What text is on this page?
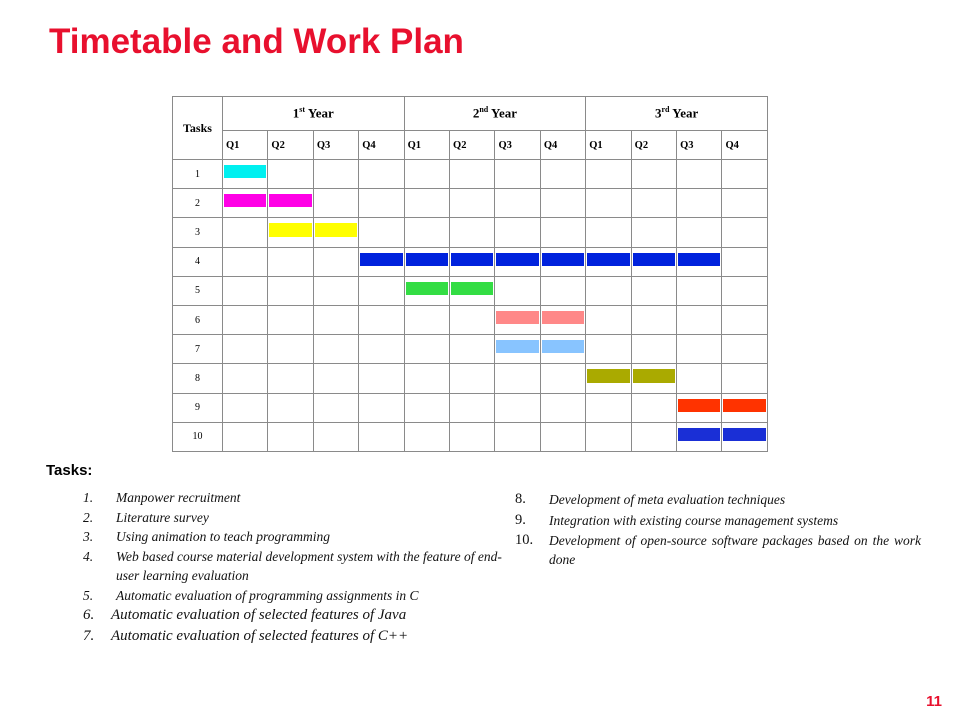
Timetable and Work Plan
Tasks	1st Year				2nd Year				3rd Year			
	Q1	Q2	Q3	Q4	Q1	Q2	Q3	Q4	Q1	Q2	Q3	Q4
1	

2	

3		

4				

5					

6							

7							

8									

9											

10											

Tasks:
1. Manpower recruitment
2. Literature survey
3. Using animation to teach programming
4. Web based course material development system with the feature of end-user learning evaluation
5. Automatic evaluation of programming assignments in C
6. Automatic evaluation of selected features of Java
7. Automatic evaluation of selected features of C++
8. Development of meta evaluation techniques
9. Integration with existing course management systems
10. Development of open-source software packages based on the work done
11
